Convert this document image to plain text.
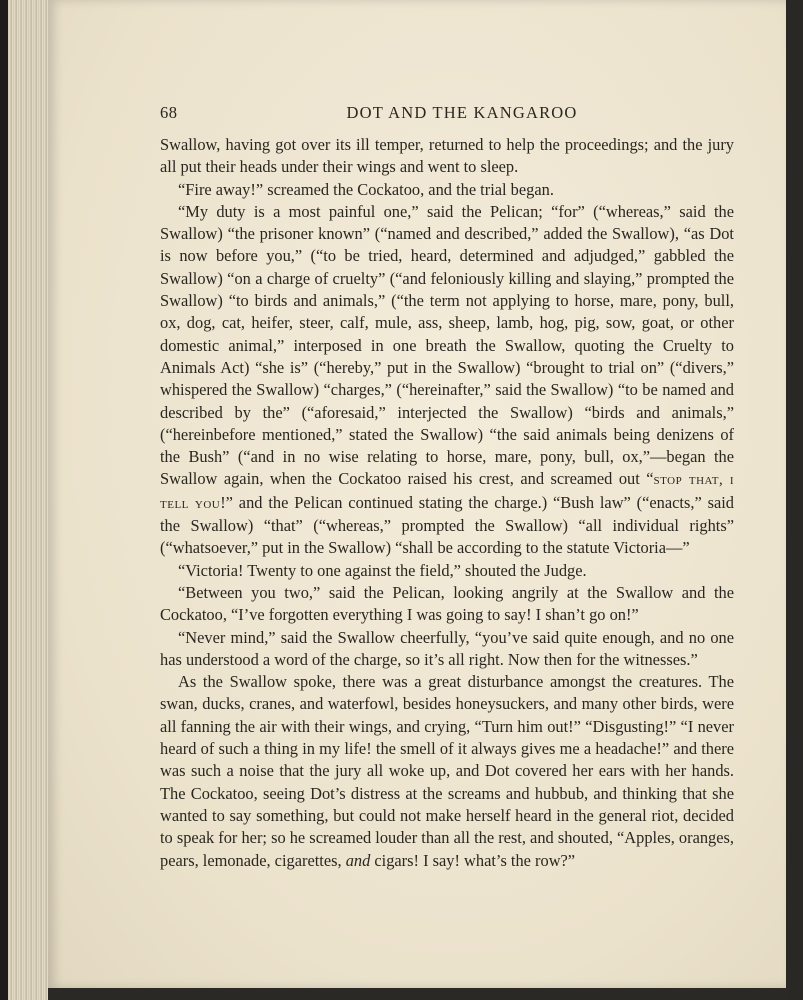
68	DOT AND THE KANGAROO

Swallow, having got over its ill temper, returned to help the proceedings; and the jury all put their heads under their wings and went to sleep.

“Fire away!” screamed the Cockatoo, and the trial began.

“My duty is a most painful one,” said the Pelican; “for” (“whereas,” said the Swallow) “the prisoner known” (“named and described,” added the Swallow), “as Dot is now before you,” (“to be tried, heard, determined and adjudged,” gabbled the Swallow) “on a charge of cruelty” (“and feloniously killing and slaying,” prompted the Swallow) “to birds and animals,” (“the term not applying to horse, mare, pony, bull, ox, dog, cat, heifer, steer, calf, mule, ass, sheep, lamb, hog, pig, sow, goat, or other domestic animal,” interposed in one breath the Swallow, quoting the Cruelty to Animals Act) “she is” (“hereby,” put in the Swallow) “brought to trial on” (“divers,” whispered the Swallow) “charges,” (“hereinafter,” said the Swallow) “to be named and described by the” (“aforesaid,” interjected the Swallow) “birds and animals,” (“hereinbefore mentioned,” stated the Swallow) “the said animals being denizens of the Bush” (“and in no wise relating to horse, mare, pony, bull, ox,”—began the Swallow again, when the Cockatoo raised his crest, and screamed out “stop that, i tell you!” and the Pelican continued stating the charge.) “Bush law” (“enacts,” said the Swallow) “that” (“whereas,” prompted the Swallow) “all individual rights” (“whatsoever,” put in the Swallow) “shall be according to the statute Victoria—”

“Victoria! Twenty to one against the field,” shouted the Judge.

“Between you two,” said the Pelican, looking angrily at the Swallow and the Cockatoo, “I’ve forgotten everything I was going to say! I shan’t go on!”

“Never mind,” said the Swallow cheerfully, “you’ve said quite enough, and no one has understood a word of the charge, so it’s all right. Now then for the witnesses.”

As the Swallow spoke, there was a great disturbance amongst the creatures. The swan, ducks, cranes, and waterfowl, besides honeysuckers, and many other birds, were all fanning the air with their wings, and crying, “Turn him out!” “Disgusting!” “I never heard of such a thing in my life! the smell of it always gives me a headache!” and there was such a noise that the jury all woke up, and Dot covered her ears with her hands. The Cockatoo, seeing Dot’s distress at the screams and hubbub, and thinking that she wanted to say something, but could not make herself heard in the general riot, decided to speak for her; so he screamed louder than all the rest, and shouted, “Apples, oranges, pears, lemonade, cigarettes, and cigars! I say! what’s the row?”
